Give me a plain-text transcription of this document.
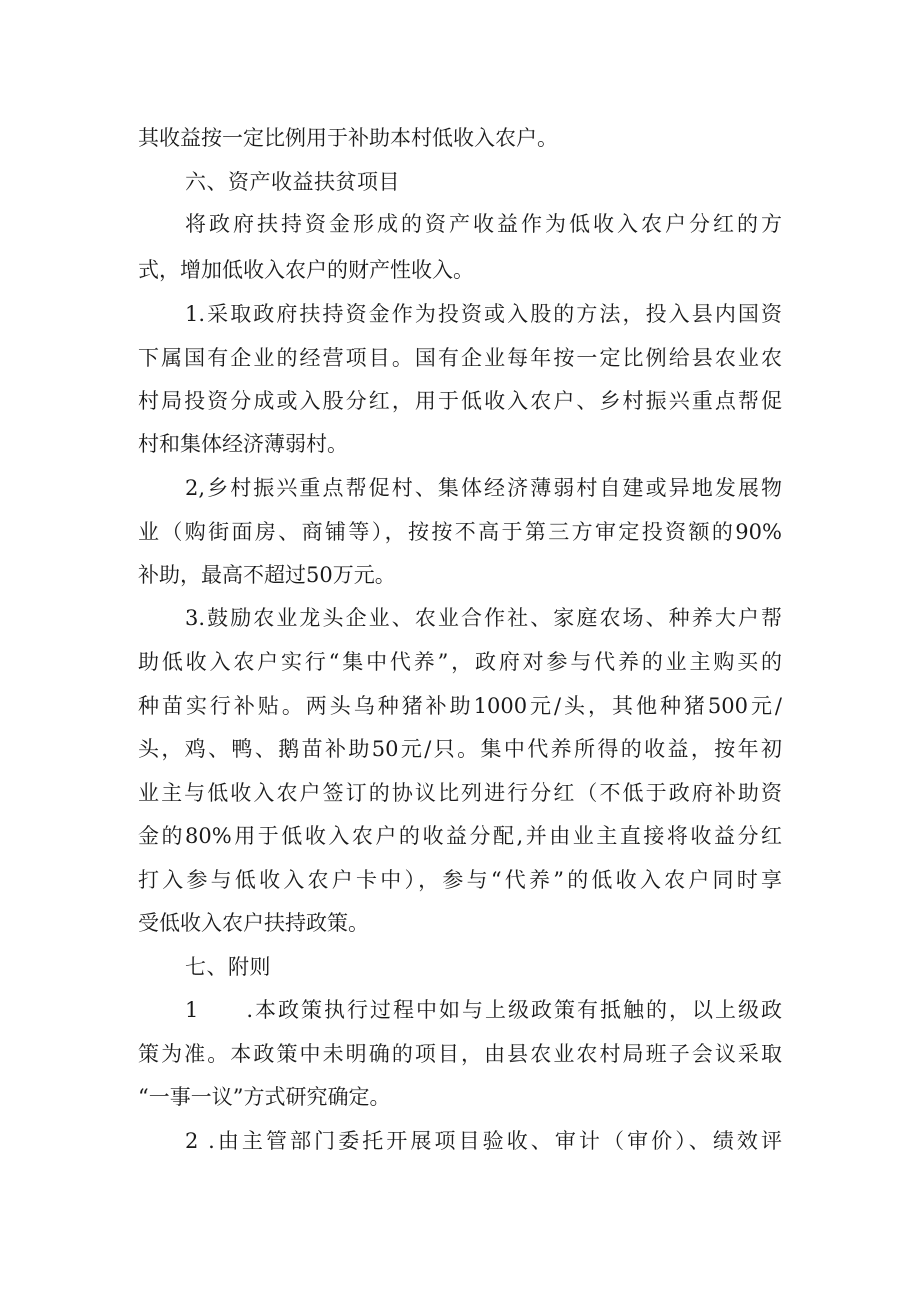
其收益按一定比例用于补助本村低收入农户。
六、资产收益扶贫项目
将政府扶持资金形成的资产收益作为低收入农户分红的方
式，增加低收入农户的财产性收入。
1.采取政府扶持资金作为投资或入股的方法，投入县内国资
下属国有企业的经营项目。国有企业每年按一定比例给县农业农
村局投资分成或入股分红，用于低收入农户、乡村振兴重点帮促
村和集体经济薄弱村。
2,乡村振兴重点帮促村、集体经济薄弱村自建或异地发展物
业（购街面房、商铺等），按按不高于第三方审定投资额的90%
补助，最高不超过50万元。
3.鼓励农业龙头企业、农业合作社、家庭农场、种养大户帮
助低收入农户实行“集中代养”，政府对参与代养的业主购买的
种苗实行补贴。两头乌种猪补助1000元/头，其他种猪500元/
头，鸡、鸭、鹅苗补助50元/只。集中代养所得的收益，按年初
业主与低收入农户签订的协议比列进行分红（不低于政府补助资
金的80%用于低收入农户的收益分配,并由业主直接将收益分红
打入参与低收入农户卡中），参与“代养”的低收入农户同时享
受低收入农户扶持政策。
七、附则
1　　.本政策执行过程中如与上级政策有抵触的，以上级政
策为准。本政策中未明确的项目，由县农业农村局班子会议采取
“一事一议”方式研究确定。
2 .由主管部门委托开展项目验收、审计（审价）、绩效评
